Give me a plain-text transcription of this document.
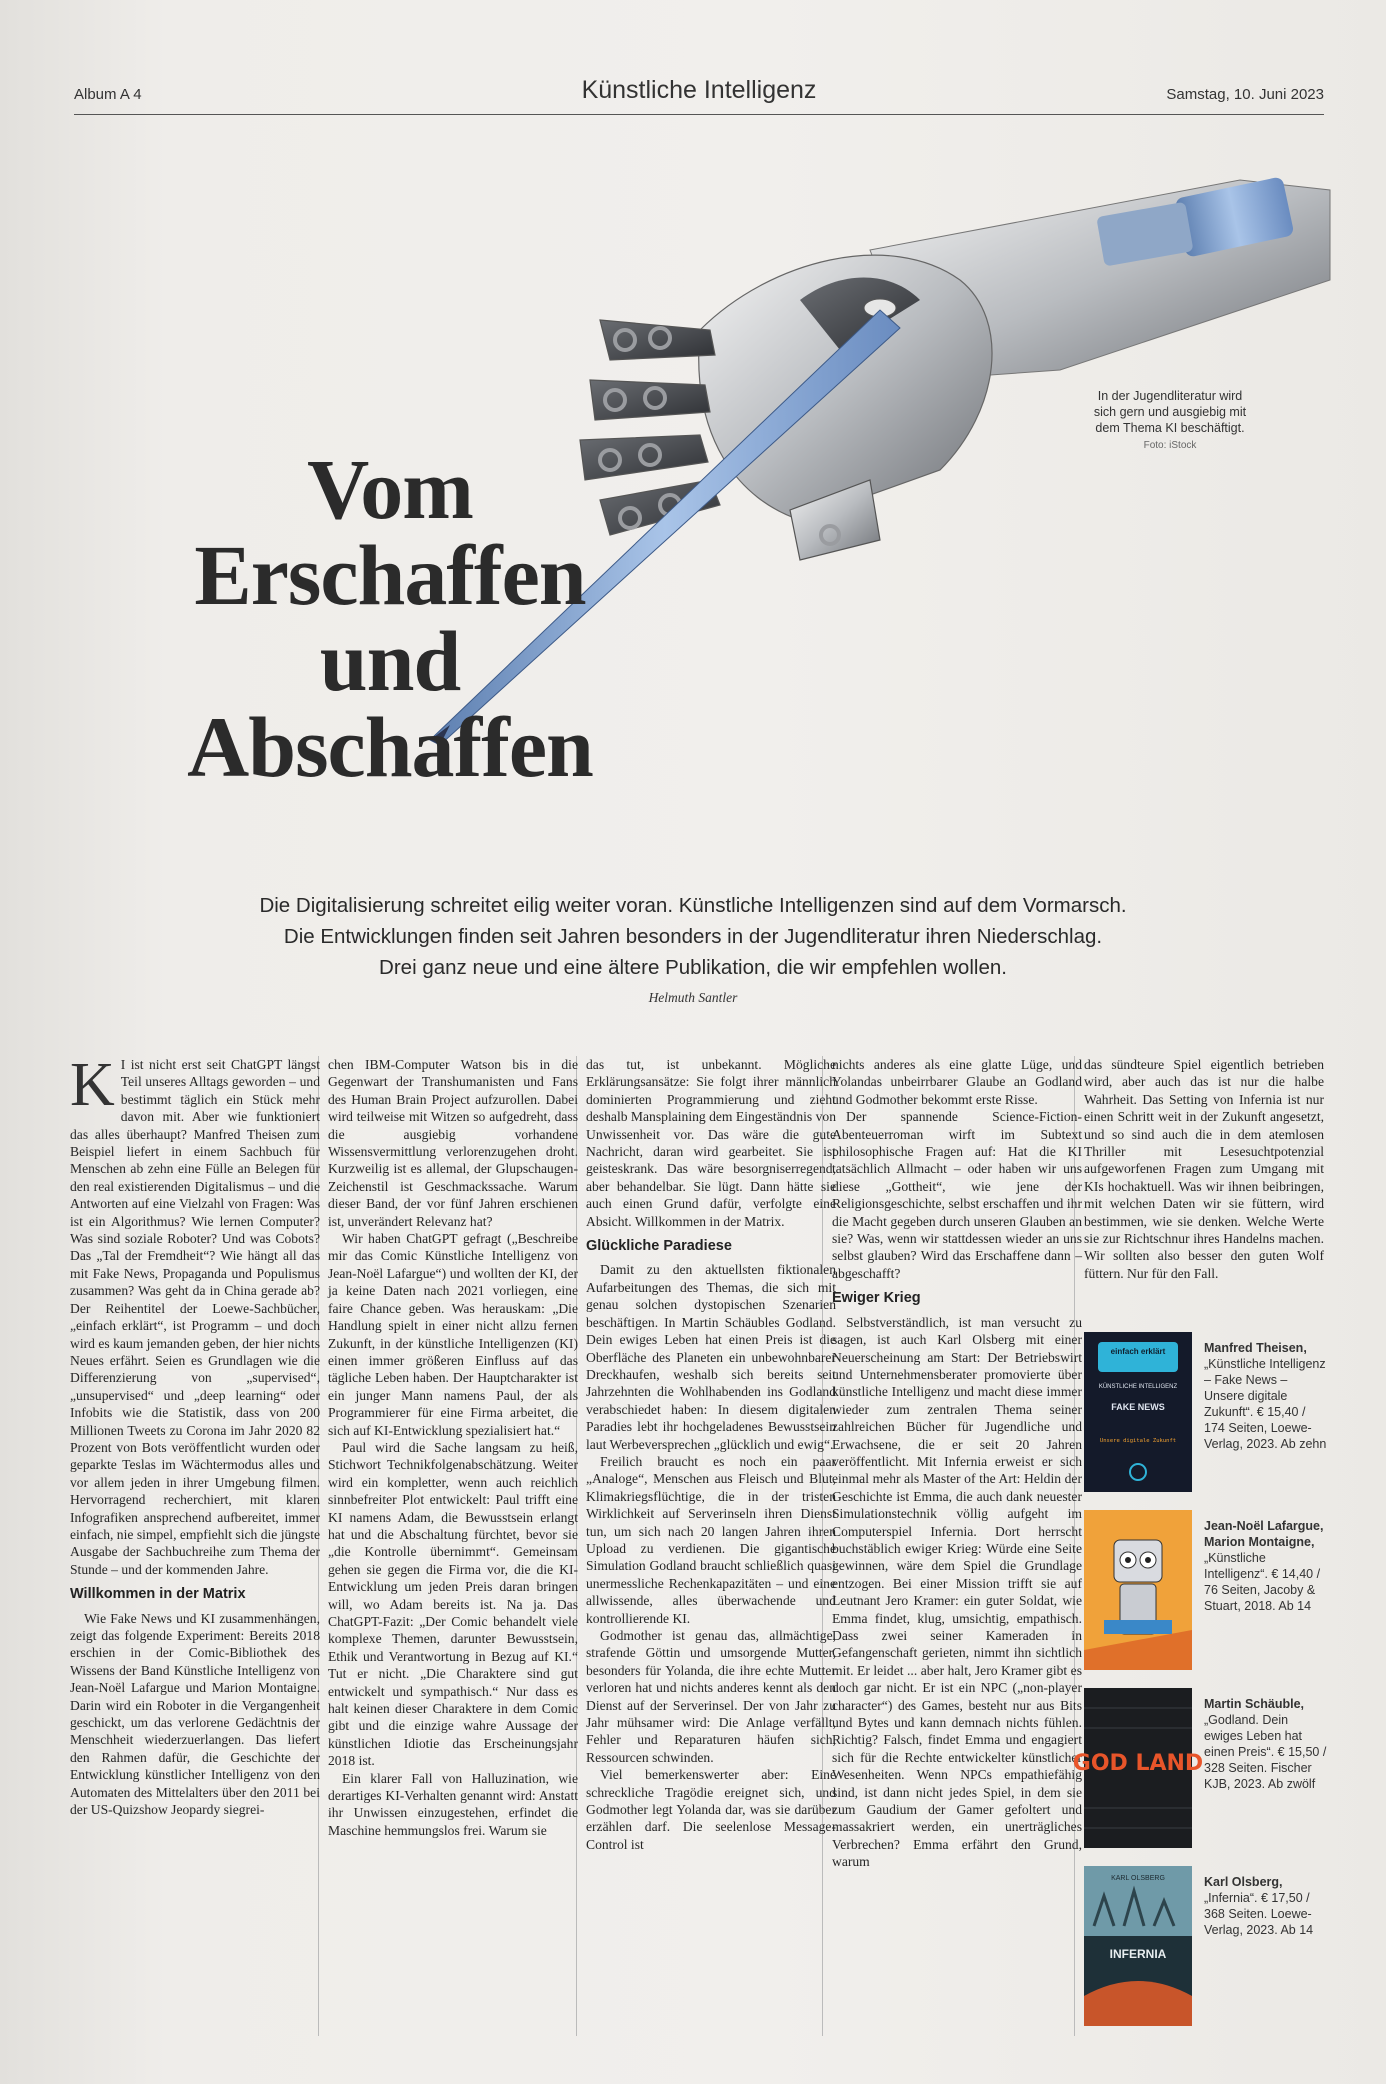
Album A 4	Künstliche Intelligenz	Samstag, 10. Juni 2023
In der Jugendliteratur wird sich gern und ausgiebig mit dem Thema KI beschäftigt.
Foto: iStock
Vom
Erschaffen
und
Abschaffen
Die Digitalisierung schreitet eilig weiter voran. Künstliche Intelligenzen sind auf dem Vormarsch.
Die Entwicklungen finden seit Jahren besonders in der Jugendliteratur ihren Niederschlag.
Drei ganz neue und eine ältere Publikation, die wir empfehlen wollen.
Helmuth Santler

K I ist nicht erst seit ChatGPT längst Teil unseres Alltags geworden – und bestimmt täglich ein Stück mehr davon mit. Aber wie funktioniert das alles überhaupt? Manfred Theisen zum Beispiel liefert in einem Sachbuch für Menschen ab zehn eine Fülle an Belegen für den real existierenden Digitalismus – und die Antworten auf eine Vielzahl von Fragen: Was ist ein Algorithmus? Wie lernen Computer? Was sind soziale Roboter? Und was Cobots? Das „Tal der Fremdheit“? Wie hängt all das mit Fake News, Propaganda und Populismus zusammen? Was geht da in China gerade ab? Der Reihentitel der Loewe-Sachbücher, „einfach erklärt“, ist Programm – und doch wird es kaum jemanden geben, der hier nichts Neues erfährt. Seien es Grundlagen wie die Differenzierung von „supervised“, „unsupervised“ und „deep learning“ oder Infobits wie die Statistik, dass von 200 Millionen Tweets zu Corona im Jahr 2020 82 Prozent von Bots veröffentlicht wurden oder geparkte Teslas im Wächtermodus alles und vor allem jeden in ihrer Umgebung filmen. Hervorragend recherchiert, mit klaren Infografiken ansprechend aufbereitet, immer einfach, nie simpel, empfiehlt sich die jüngste Ausgabe der Sachbuchreihe zum Thema der Stunde – und der kommenden Jahre.

Willkommen in der Matrix

Wie Fake News und KI zusammenhängen, zeigt das folgende Experiment: Bereits 2018 erschien in der Comic-Bibliothek des Wissens der Band Künstliche Intelligenz von Jean-Noël Lafargue und Marion Montaigne. Darin wird ein Roboter in die Vergangenheit geschickt, um das verlorene Gedächtnis der Menschheit wiederzuerlangen. Das liefert den Rahmen dafür, die Geschichte der Entwicklung künstlicher Intelligenz von den Automaten des Mittelalters über den 2011 bei der US-Quizshow Jeopardy siegrei-

chen IBM-Computer Watson bis in die Gegenwart der Transhumanisten und Fans des Human Brain Project aufzurollen. Dabei wird teilweise mit Witzen so aufgedreht, dass die ausgiebig vorhandene Wissensvermittlung verlorenzugehen droht. Kurzweilig ist es allemal, der Glupschaugen-Zeichenstil ist Geschmackssache. Warum dieser Band, der vor fünf Jahren erschienen ist, unverändert Relevanz hat?

Wir haben ChatGPT gefragt („Beschreibe mir das Comic Künstliche Intelligenz von Jean-Noël Lafargue“) und wollten der KI, der ja keine Daten nach 2021 vorliegen, eine faire Chance geben. Was herauskam: „Die Handlung spielt in einer nicht allzu fernen Zukunft, in der künstliche Intelligenzen (KI) einen immer größeren Einfluss auf das tägliche Leben haben. Der Hauptcharakter ist ein junger Mann namens Paul, der als Programmierer für eine Firma arbeitet, die sich auf KI-Entwicklung spezialisiert hat.“

Paul wird die Sache langsam zu heiß, Stichwort Technikfolgenabschätzung. Weiter wird ein kompletter, wenn auch reichlich sinnbefreiter Plot entwickelt: Paul trifft eine KI namens Adam, die Bewusstsein erlangt hat und die Abschaltung fürchtet, bevor sie „die Kontrolle übernimmt“. Gemeinsam gehen sie gegen die Firma vor, die die KI-Entwicklung um jeden Preis daran bringen will, wo Adam bereits ist. Na ja. Das ChatGPT-Fazit: „Der Comic behandelt viele komplexe Themen, darunter Bewusstsein, Ethik und Verantwortung in Bezug auf KI.“ Tut er nicht. „Die Charaktere sind gut entwickelt und sympathisch.“ Nur dass es halt keinen dieser Charaktere in dem Comic gibt und die einzige wahre Aussage der künstlichen Idiotie das Erscheinungsjahr 2018 ist.

Ein klarer Fall von Halluzination, wie derartiges KI-Verhalten genannt wird: Anstatt ihr Unwissen einzugestehen, erfindet die Maschine hemmungslos frei. Warum sie

das tut, ist unbekannt. Mögliche Erklärungsansätze: Sie folgt ihrer männlich dominierten Programmierung und zieht deshalb Mansplaining dem Eingeständnis von Unwissenheit vor. Das wäre die gute Nachricht, daran wird gearbeitet. Sie ist geisteskrank. Das wäre besorgniserregend, aber behandelbar. Sie lügt. Dann hätte sie auch einen Grund dafür, verfolgte eine Absicht. Willkommen in der Matrix.

Glückliche Paradiese

Damit zu den aktuellsten fiktionalen Aufarbeitungen des Themas, die sich mit genau solchen dystopischen Szenarien beschäftigen. In Martin Schäubles Godland. Dein ewiges Leben hat einen Preis ist die Oberfläche des Planeten ein unbewohnbarer Dreckhaufen, weshalb sich bereits seit Jahrzehnten die Wohlhabenden ins Godland verabschiedet haben: In diesem digitalen Paradies lebt ihr hochgeladenes Bewusstsein laut Werbeversprechen „glücklich und ewig“.

Freilich braucht es noch ein paar „Analoge“, Menschen aus Fleisch und Blut, Klimakriegsflüchtige, die in der tristen Wirklichkeit auf Serverinseln ihren Dienst tun, um sich nach 20 langen Jahren ihren Upload zu verdienen. Die gigantische Simulation Godland braucht schließlich quasi unermessliche Rechenkapazitäten – und eine allwissende, alles überwachende und kontrollierende KI.

Godmother ist genau das, allmächtige, strafende Göttin und umsorgende Mutter, besonders für Yolanda, die ihre echte Mutter verloren hat und nichts anderes kennt als den Dienst auf der Serverinsel. Der von Jahr zu Jahr mühsamer wird: Die Anlage verfällt, Fehler und Reparaturen häufen sich, Ressourcen schwinden.

Viel bemerkenswerter aber: Eine schreckliche Tragödie ereignet sich, und Godmother legt Yolanda dar, was sie darüber erzählen darf. Die seelenlose Message-Control ist

nichts anderes als eine glatte Lüge, und Yolandas unbeirrbarer Glaube an Godland und Godmother bekommt erste Risse.

Der spannende Science-Fiction-Abenteuerroman wirft im Subtext philosophische Fragen auf: Hat die KI tatsächlich Allmacht – oder haben wir uns diese „Gottheit“, wie jene der Religionsgeschichte, selbst erschaffen und ihr die Macht gegeben durch unseren Glauben an sie? Was, wenn wir stattdessen wieder an uns selbst glauben? Wird das Erschaffene dann – abgeschafft?

Ewiger Krieg

Selbstverständlich, ist man versucht zu sagen, ist auch Karl Olsberg mit einer Neuerscheinung am Start: Der Betriebswirt und Unternehmensberater promovierte über künstliche Intelligenz und macht diese immer wieder zum zentralen Thema seiner zahlreichen Bücher für Jugendliche und Erwachsene, die er seit 20 Jahren veröffentlicht. Mit Infernia erweist er sich einmal mehr als Master of the Art: Heldin der Geschichte ist Emma, die auch dank neuester Simulationstechnik völlig aufgeht im Computerspiel Infernia. Dort herrscht buchstäblich ewiger Krieg: Würde eine Seite gewinnen, wäre dem Spiel die Grundlage entzogen. Bei einer Mission trifft sie auf Leutnant Jero Kramer: ein guter Soldat, wie Emma findet, klug, umsichtig, empathisch. Dass zwei seiner Kameraden in Gefangenschaft gerieten, nimmt ihn sichtlich mit. Er leidet ... aber halt, Jero Kramer gibt es doch gar nicht. Er ist ein NPC („non-player character“) des Games, besteht nur aus Bits und Bytes und kann demnach nichts fühlen. Richtig? Falsch, findet Emma und engagiert sich für die Rechte entwickelter künstlicher Wesenheiten. Wenn NPCs empathiefähig sind, ist dann nicht jedes Spiel, in dem sie zum Gaudium der Gamer gefoltert und massakriert werden, ein unerträgliches Verbrechen? Emma erfährt den Grund, warum

das sündteure Spiel eigentlich betrieben wird, aber auch das ist nur die halbe Wahrheit. Das Setting von Infernia ist nur einen Schritt weit in der Zukunft angesetzt, und so sind auch die in dem atemlosen Thriller mit Lesesuchtpotenzial aufgeworfenen Fragen zum Umgang mit KIs hochaktuell. Was wir ihnen beibringen, mit welchen Daten wir sie füttern, wird bestimmen, wie sie denken. Welche Werte sie zur Richtschnur ihres Handelns machen. Wir sollten also besser den guten Wolf füttern. Nur für den Fall.

einfach erklärt
KÜNSTLICHE INTELLIGENZ
FAKE NEWS
Unsere digitale Zukunft
Manfred Theisen,
„Künstliche Intelligenz – Fake News – Unsere digitale Zukunft“. € 15,40 / 174 Seiten, Loewe-Verlag, 2023. Ab zehn
Jean-Noël Lafargue, Marion Montaigne,
„Künstliche Intelligenz“. € 14,40 / 76 Seiten, Jacoby & Stuart, 2018. Ab 14
GOD LAND
Martin Schäuble,
„Godland. Dein ewiges Leben hat einen Preis“. € 15,50 / 328 Seiten. Fischer KJB, 2023. Ab zwölf
KARL OLSBERG
INFERNIA
Karl Olsberg,
„Infernia“. € 17,50 / 368 Seiten. Loewe-Verlag, 2023. Ab 14
